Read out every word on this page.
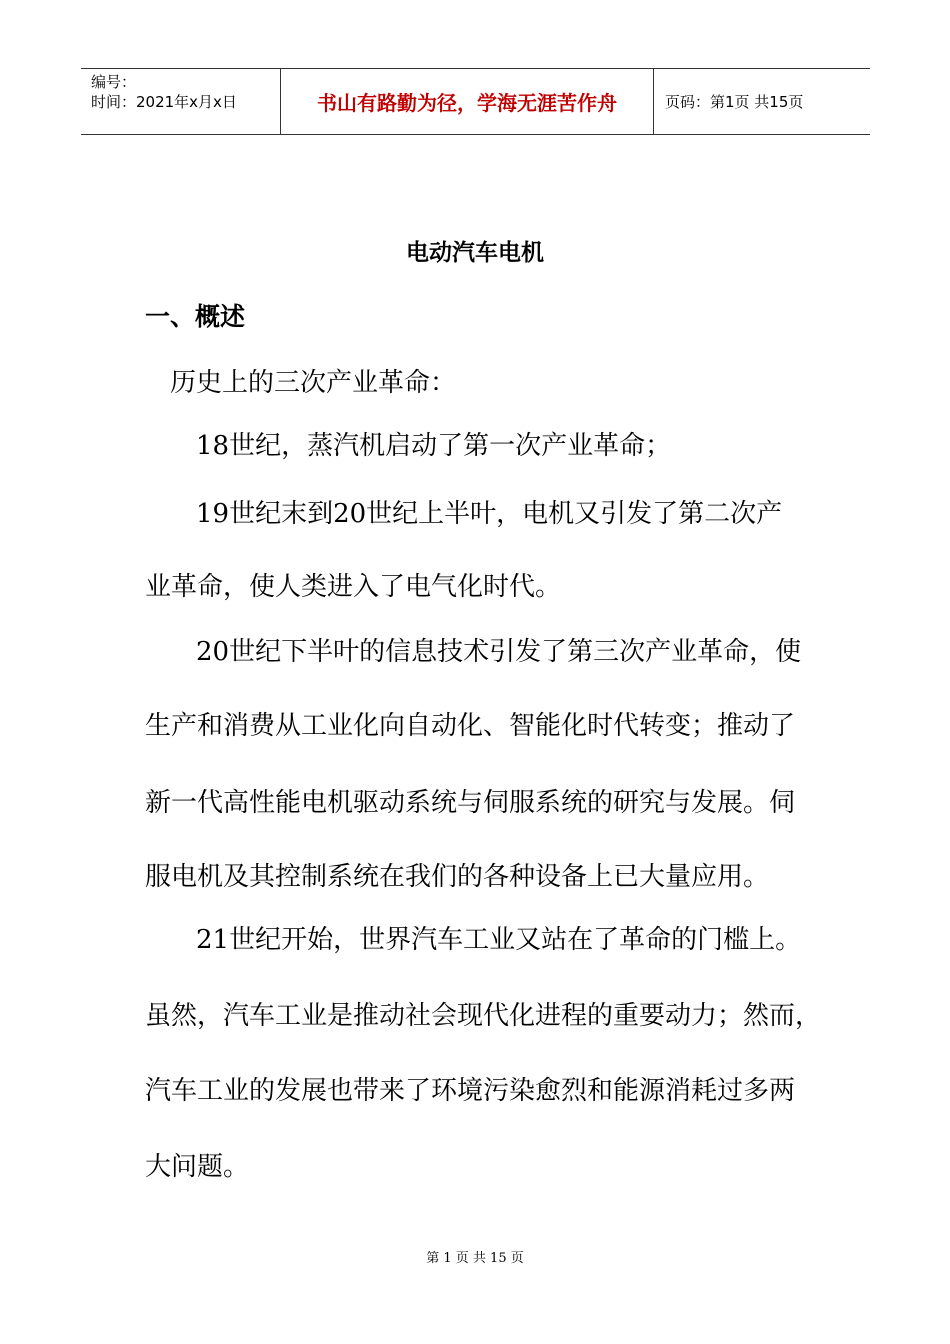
编号：
时间：2021年x月x日	书山有路勤为径，学海无涯苦作舟	页码：第1页 共15页
电动汽车电机
一、概述
历史上的三次产业革命：
18世纪，蒸汽机启动了第一次产业革命；
19世纪末到20世纪上半叶，电机又引发了第二次产
业革命，使人类进入了电气化时代。
20世纪下半叶的信息技术引发了第三次产业革命，使
生产和消费从工业化向自动化、智能化时代转变；推动了
新一代高性能电机驱动系统与伺服系统的研究与发展。伺
服电机及其控制系统在我们的各种设备上已大量应用。
21世纪开始，世界汽车工业又站在了革命的门槛上。
虽然，汽车工业是推动社会现代化进程的重要动力；然而，
汽车工业的发展也带来了环境污染愈烈和能源消耗过多两
大问题。
第 1 页 共 15 页
